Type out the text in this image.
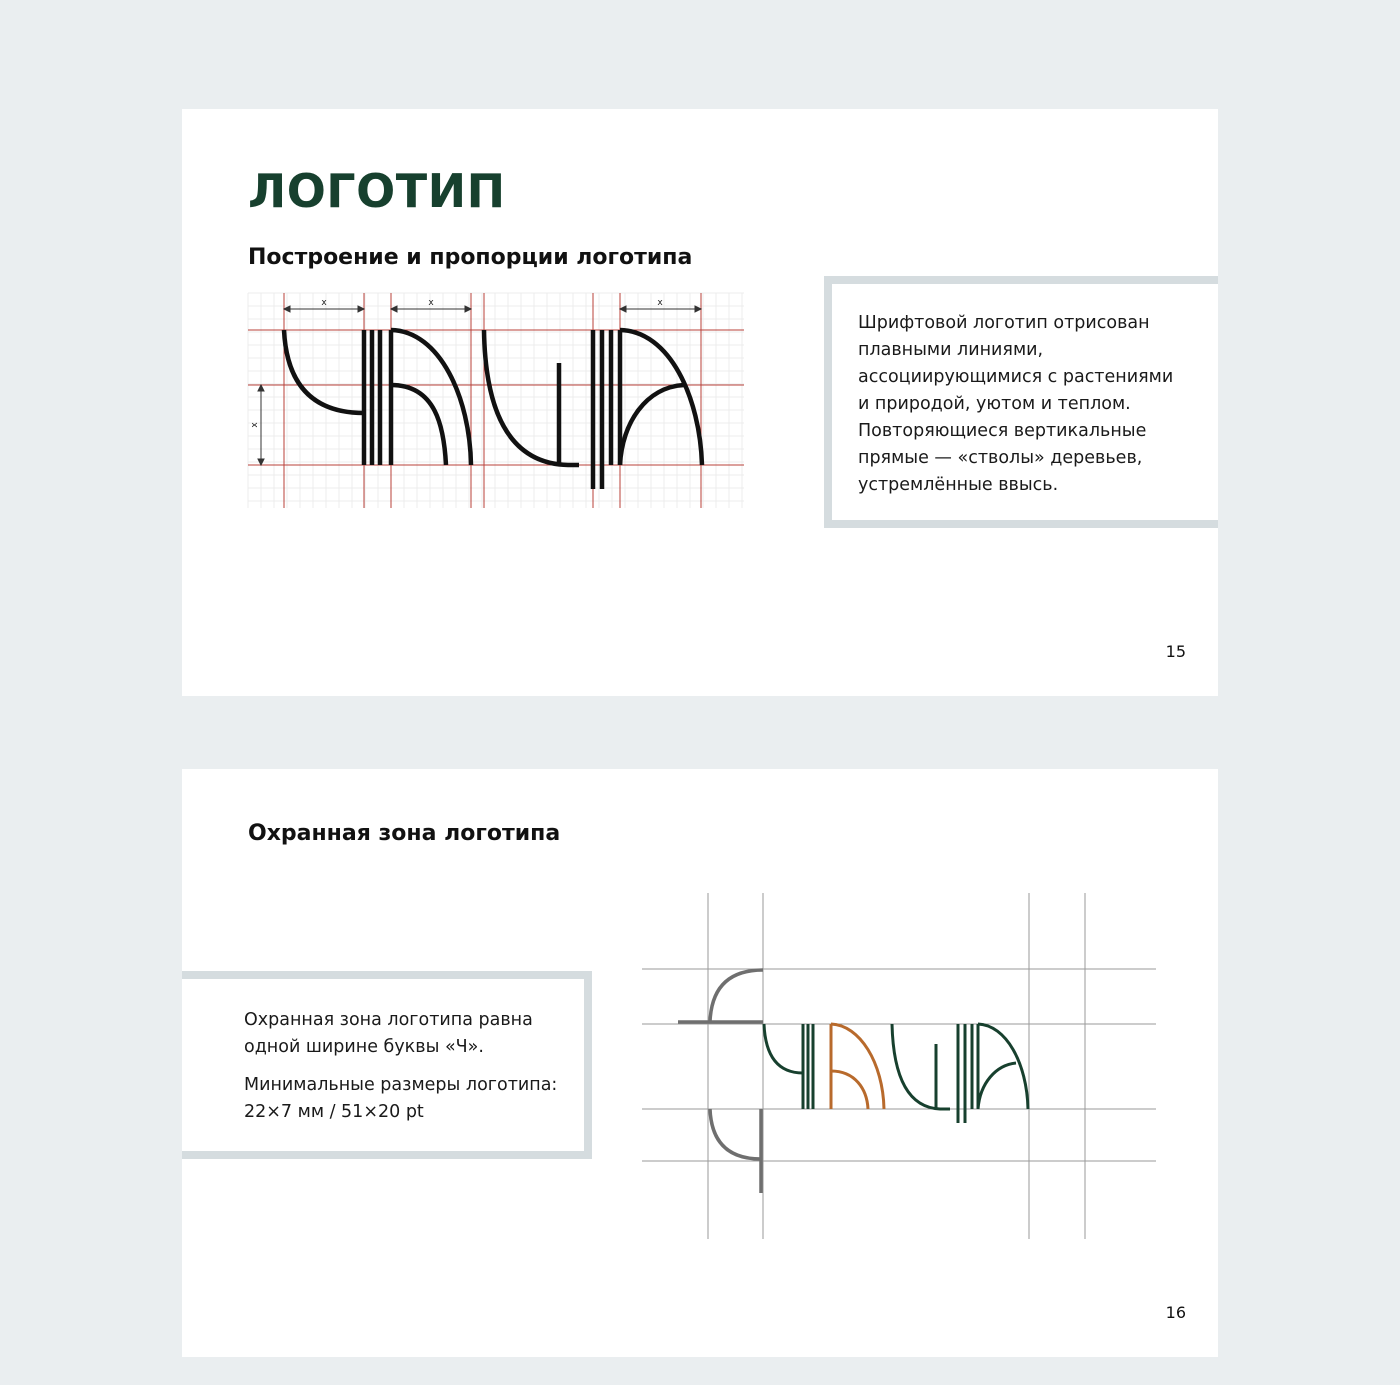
ЛОГОТИП
Построение и пропорции логотипа
x	x	x
x

Шрифтовой логотип отрисован
плавными линиями,
ассоциирующимися с растениями
и природой, уютом и теплом.
Повторяющиеся вертикальные
прямые — «стволы» деревьев,
устремлённые ввысь.

15
Охранная зона логотипа

Охранная зона логотипа равна
одной ширине буквы «Ч».

Минимальные размеры логотипа:
22×7 мм / 51×20 pt

16
